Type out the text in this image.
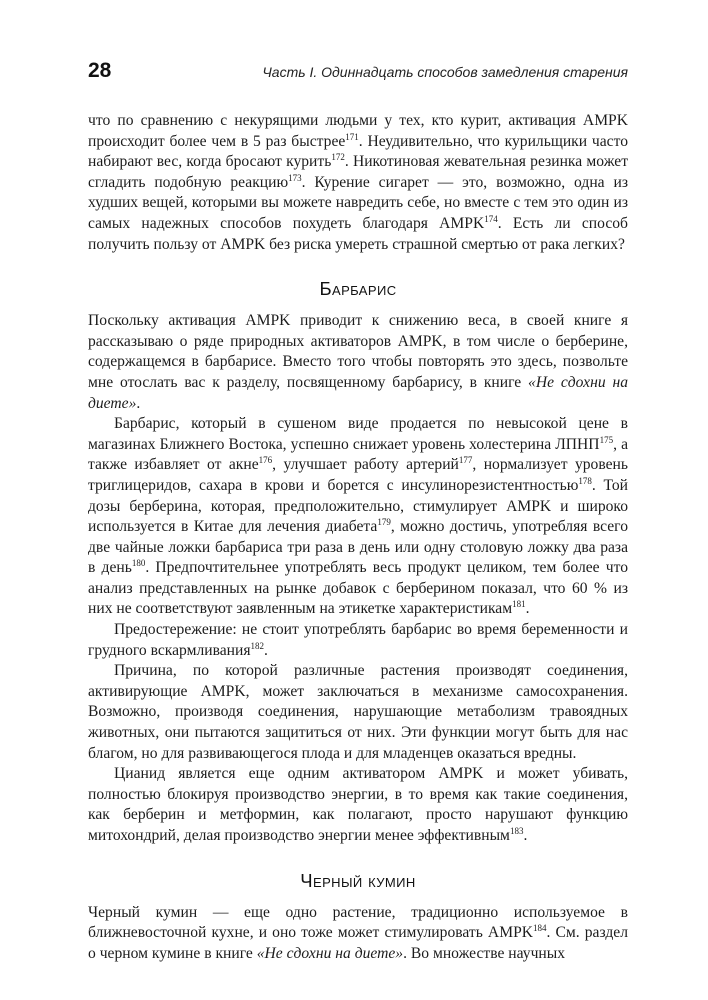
28	Часть I. Одиннадцать способов замедления старения

что по сравнению с некурящими людьми у тех, кто курит, активация AMPK происходит более чем в 5 раз быстрее$^{171}$. Неудивительно, что курильщики часто набирают вес, когда бросают курить$^{172}$. Никотиновая жевательная резинка может сгладить подобную реакцию$^{173}$. Курение сигарет — это, возможно, одна из худших вещей, которыми вы можете навредить себе, но вместе с тем это один из самых надежных способов похудеть благодаря AMPK$^{174}$. Есть ли способ получить пользу от AMPK без риска умереть страшной смертью от рака легких?

Барбарис

Поскольку активация AMPK приводит к снижению веса, в своей книге я рассказываю о ряде природных активаторов AMPK, в том числе о берберине, содержащемся в барбарисе. Вместо того чтобы повторять это здесь, позвольте мне отослать вас к разделу, посвященному барбарису, в книге «Не сдохни на диете».

Барбарис, который в сушеном виде продается по невысокой цене в магазинах Ближнего Востока, успешно снижает уровень холестерина ЛПНП$^{175}$, а также избавляет от акне$^{176}$, улучшает работу артерий$^{177}$, нормализует уровень триглицеридов, сахара в крови и борется с инсулинорезистентностью$^{178}$. Той дозы берберина, которая, предположительно, стимулирует AMPK и широко используется в Китае для лечения диабета$^{179}$, можно достичь, употребляя всего две чайные ложки барбариса три раза в день или одну столовую ложку два раза в день$^{180}$. Предпочтительнее употреблять весь продукт целиком, тем более что анализ представленных на рынке добавок с берберином показал, что 60 % из них не соответствуют заявленным на этикетке характеристикам$^{181}$.

Предостережение: не стоит употреблять барбарис во время беременности и грудного вскармливания$^{182}$.

Причина, по которой различные растения производят соединения, активирующие AMPK, может заключаться в механизме самосохранения. Возможно, производя соединения, нарушающие метаболизм травоядных животных, они пытаются защититься от них. Эти функции могут быть для нас благом, но для развивающегося плода и для младенцев оказаться вредны.

Цианид является еще одним активатором AMPK и может убивать, полностью блокируя производство энергии, в то время как такие соединения, как берберин и метформин, как полагают, просто нарушают функцию митохондрий, делая производство энергии менее эффективным$^{183}$.

Черный кумин

Черный кумин — еще одно растение, традиционно используемое в ближневосточной кухне, и оно тоже может стимулировать AMPK$^{184}$. См. раздел о черном кумине в книге «Не сдохни на диете». Во множестве научных
